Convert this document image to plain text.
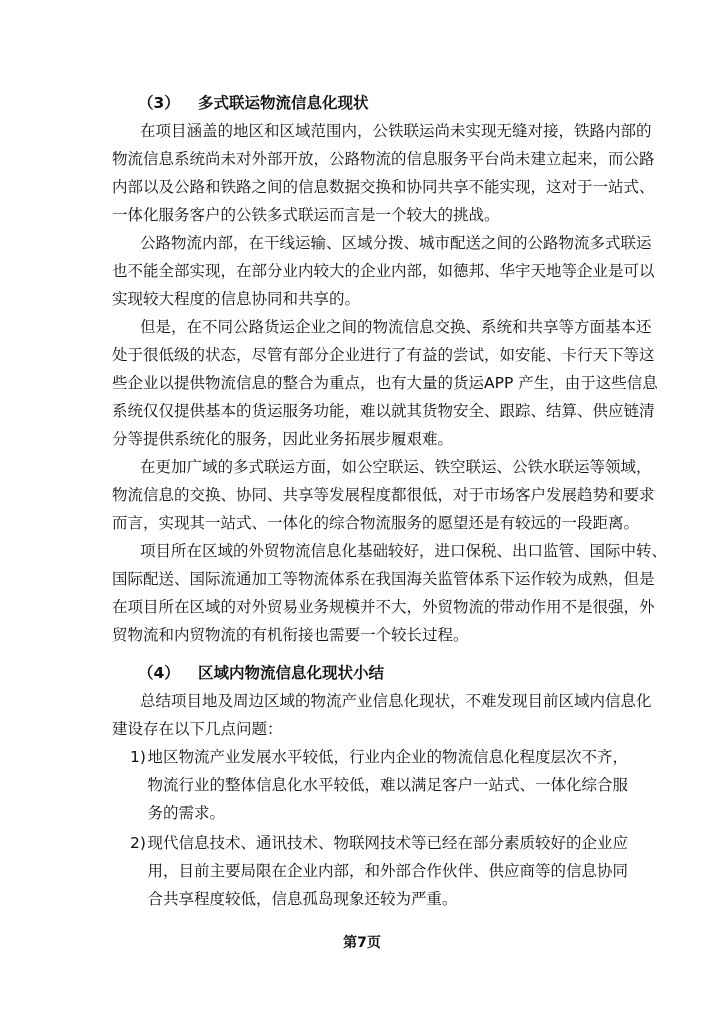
（3）	多式联运物流信息化现状
在项目涵盖的地区和区域范围内，公铁联运尚未实现无缝对接，铁路内部的
物流信息系统尚未对外部开放，公路物流的信息服务平台尚未建立起来，而公路
内部以及公路和铁路之间的信息数据交换和协同共享不能实现，这对于一站式、
一体化服务客户的公铁多式联运而言是一个较大的挑战。
公路物流内部，在干线运输、区域分拨、城市配送之间的公路物流多式联运
也不能全部实现，在部分业内较大的企业内部，如德邦、华宇天地等企业是可以
实现较大程度的信息协同和共享的。
但是，在不同公路货运企业之间的物流信息交换、系统和共享等方面基本还
处于很低级的状态，尽管有部分企业进行了有益的尝试，如安能、卡行天下等这
些企业以提供物流信息的整合为重点，也有大量的货运APP 产生，由于这些信息
系统仅仅提供基本的货运服务功能，难以就其货物安全、跟踪、结算、供应链清
分等提供系统化的服务，因此业务拓展步履艰难。
在更加广域的多式联运方面，如公空联运、铁空联运、公铁水联运等领域，
物流信息的交换、协同、共享等发展程度都很低，对于市场客户发展趋势和要求
而言，实现其一站式、一体化的综合物流服务的愿望还是有较远的一段距离。
项目所在区域的外贸物流信息化基础较好，进口保税、出口监管、国际中转、
国际配送、国际流通加工等物流体系在我国海关监管体系下运作较为成熟，但是
在项目所在区域的对外贸易业务规模并不大，外贸物流的带动作用不是很强，外
贸物流和内贸物流的有机衔接也需要一个较长过程。
（4）	区域内物流信息化现状小结
总结项目地及周边区域的物流产业信息化现状，不难发现目前区域内信息化
建设存在以下几点问题：
1) 地区物流产业发展水平较低，行业内企业的物流信息化程度层次不齐，
物流行业的整体信息化水平较低，难以满足客户一站式、一体化综合服
务的需求。
2) 现代信息技术、通讯技术、物联网技术等已经在部分素质较好的企业应
用，目前主要局限在企业内部，和外部合作伙伴、供应商等的信息协同
合共享程度较低，信息孤岛现象还较为严重。
第7页
